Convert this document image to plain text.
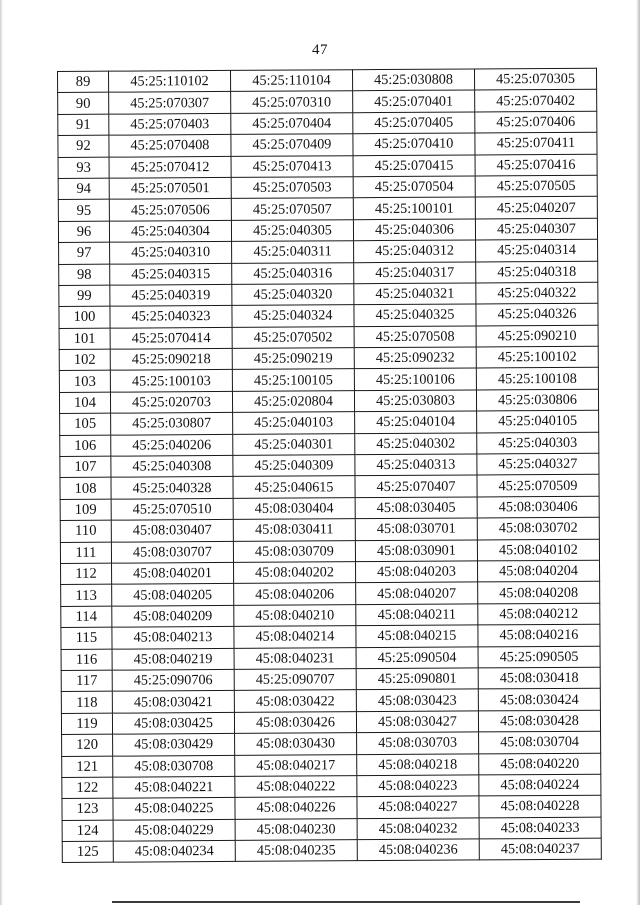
47
89	45:25:110102	45:25:110104	45:25:030808	45:25:070305
90	45:25:070307	45:25:070310	45:25:070401	45:25:070402
91	45:25:070403	45:25:070404	45:25:070405	45:25:070406
92	45:25:070408	45:25:070409	45:25:070410	45:25:070411
93	45:25:070412	45:25:070413	45:25:070415	45:25:070416
94	45:25:070501	45:25:070503	45:25:070504	45:25:070505
95	45:25:070506	45:25:070507	45:25:100101	45:25:040207
96	45:25:040304	45:25:040305	45:25:040306	45:25:040307
97	45:25:040310	45:25:040311	45:25:040312	45:25:040314
98	45:25:040315	45:25:040316	45:25:040317	45:25:040318
99	45:25:040319	45:25:040320	45:25:040321	45:25:040322
100	45:25:040323	45:25:040324	45:25:040325	45:25:040326
101	45:25:070414	45:25:070502	45:25:070508	45:25:090210
102	45:25:090218	45:25:090219	45:25:090232	45:25:100102
103	45:25:100103	45:25:100105	45:25:100106	45:25:100108
104	45:25:020703	45:25:020804	45:25:030803	45:25:030806
105	45:25:030807	45:25:040103	45:25:040104	45:25:040105
106	45:25:040206	45:25:040301	45:25:040302	45:25:040303
107	45:25:040308	45:25:040309	45:25:040313	45:25:040327
108	45:25:040328	45:25:040615	45:25:070407	45:25:070509
109	45:25:070510	45:08:030404	45:08:030405	45:08:030406
110	45:08:030407	45:08:030411	45:08:030701	45:08:030702
111	45:08:030707	45:08:030709	45:08:030901	45:08:040102
112	45:08:040201	45:08:040202	45:08:040203	45:08:040204
113	45:08:040205	45:08:040206	45:08:040207	45:08:040208
114	45:08:040209	45:08:040210	45:08:040211	45:08:040212
115	45:08:040213	45:08:040214	45:08:040215	45:08:040216
116	45:08:040219	45:08:040231	45:25:090504	45:25:090505
117	45:25:090706	45:25:090707	45:25:090801	45:08:030418
118	45:08:030421	45:08:030422	45:08:030423	45:08:030424
119	45:08:030425	45:08:030426	45:08:030427	45:08:030428
120	45:08:030429	45:08:030430	45:08:030703	45:08:030704
121	45:08:030708	45:08:040217	45:08:040218	45:08:040220
122	45:08:040221	45:08:040222	45:08:040223	45:08:040224
123	45:08:040225	45:08:040226	45:08:040227	45:08:040228
124	45:08:040229	45:08:040230	45:08:040232	45:08:040233
125	45:08:040234	45:08:040235	45:08:040236	45:08:040237
